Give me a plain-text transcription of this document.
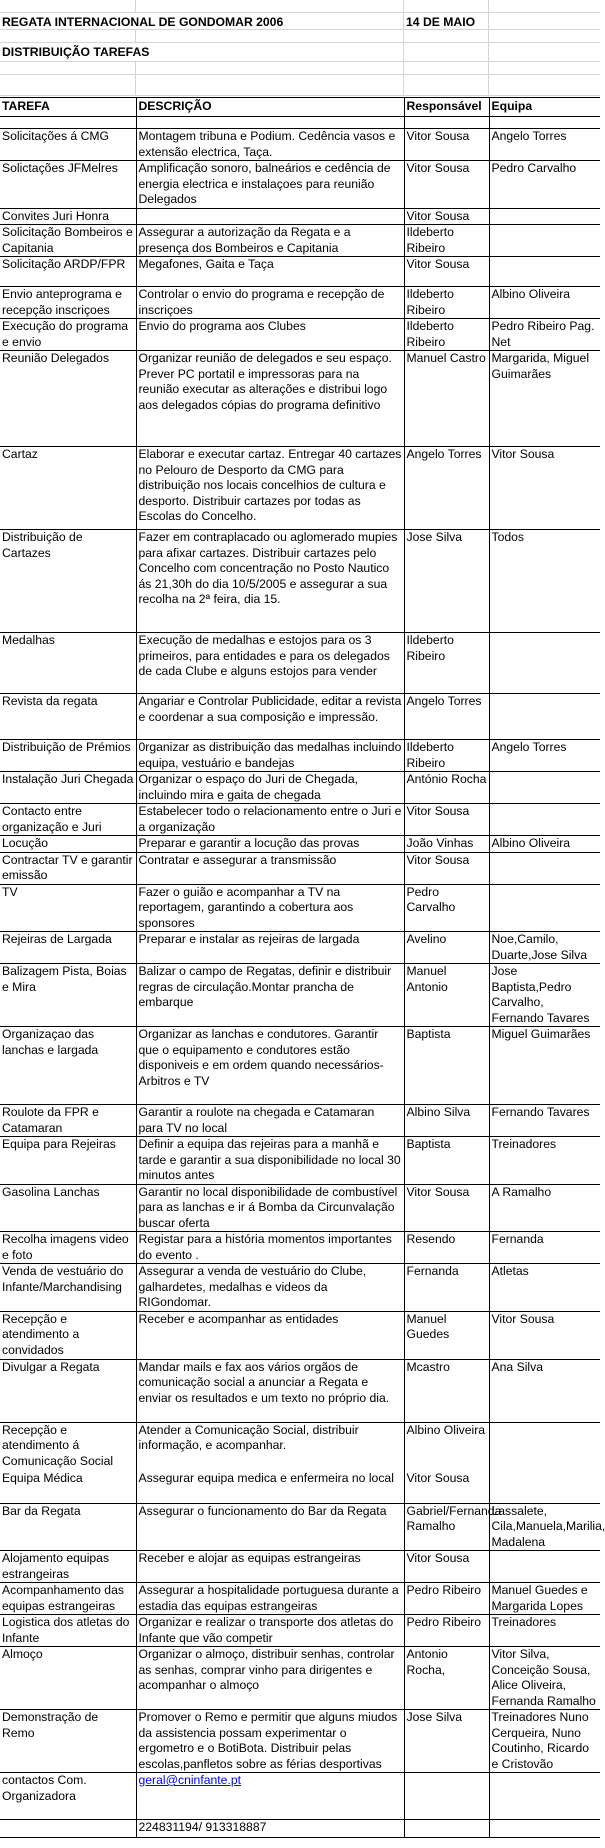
REGATA INTERNACIONAL DE GONDOMAR 2006	14 DE MAIO
DISTRIBUIÇÃO TAREFAS
TAREFA	DESCRIÇÃO	Responsável	Equipa

Solicitações á CMG	Montagem tribuna e Podium. Cedência vasos e extensão electrica, Taça.	Vitor Sousa	Angelo Torres
Solictações JFMelres	Amplificação sonoro, balneários e cedência de energia electrica e instalaçoes para reunião Delegados	Vitor Sousa	Pedro Carvalho
Convites Juri Honra		Vitor Sousa	
Solicitação Bombeiros e Capitania	Assegurar a autorização da Regata e a presença dos Bombeiros e Capitania	Ildeberto Ribeiro	
Solicitação ARDP/FPR	Megafones, Gaita e Taça	Vitor Sousa	
Envio anteprograma e recepção inscriçoes	Controlar o envio do programa e recepção de inscriçoes	Ildeberto Ribeiro	Albino Oliveira
Execução do programa e envio	Envio do programa aos Clubes	Ildeberto Ribeiro	Pedro Ribeiro Pag. Net
Reunião Delegados	Organizar reunião de delegados e seu espaço. Prever PC portatil e impressoras para na reunião executar as alterações e distribui logo aos delegados cópias do programa definitivo	Manuel Castro	Margarida, Miguel Guimarães
Cartaz	Elaborar e executar cartaz. Entregar 40 cartazes no Pelouro de Desporto da CMG para distribuição nos locais concelhios de cultura e desporto. Distribuir cartazes por todas as Escolas do Concelho.	Angelo Torres	Vitor Sousa
Distribuição de Cartazes	Fazer em contraplacado ou aglomerado mupies para afixar cartazes. Distribuir cartazes pelo Concelho com concentração no Posto Nautico ás 21,30h do dia 10/5/2005 e assegurar a sua recolha na 2ª feira, dia 15.	Jose Silva	Todos
Medalhas	Execução de medalhas e estojos para os 3 primeiros, para entidades e para os delegados de cada Clube e alguns estojos para vender	Ildeberto Ribeiro	
Revista da regata	Angariar e Controlar Publicidade, editar a revista e coordenar a sua composição e impressão.	Angelo Torres	
Distribuição de Prémios	0rganizar as distribuição das medalhas incluindo equipa, vestuário e bandejas	Ildeberto Ribeiro	Angelo Torres
Instalação Juri Chegada	Organizar o espaço do Juri de Chegada, incluindo mira e gaita de chegada	António Rocha	
Contacto entre organização e Juri	Estabelecer todo o relacionamento entre o Juri e a organização	Vitor Sousa	
Locução	Preparar e garantir a locução das provas	João Vinhas	Albino Oliveira
Contractar TV e garantir emissão	Contratar e assegurar a transmissão	Vitor Sousa	
TV	Fazer o guião e acompanhar a TV na reportagem, garantindo a cobertura aos sponsores	Pedro Carvalho	
Rejeiras de Largada	Preparar e instalar as rejeiras de largada	Avelino	Noe,Camilo, Duarte,Jose Silva
Balizagem Pista, Boias e Mira	Balizar o campo de Regatas, definir e distribuir regras de circulação.Montar prancha de embarque	Manuel Antonio	Jose Baptista,Pedro Carvalho, Fernando Tavares
Organizaçao das lanchas e largada	Organizar as lanchas e condutores. Garantir que o equipamento e condutores estão disponiveis e em ordem quando necessários-Arbitros e TV	Baptista	Miguel Guimarães
Roulote da FPR e Catamaran	Garantir a roulote na chegada e Catamaran para TV no local	Albino Silva	Fernando Tavares
Equipa para Rejeiras	Definir a equipa das rejeiras para a manhã e tarde e garantir a sua disponibilidade no local 30 minutos antes	Baptista	Treinadores
Gasolina Lanchas	Garantir no local disponibilidade de combustível para as lanchas e ir á Bomba da Circunvalação buscar oferta	Vitor Sousa	A Ramalho
Recolha imagens video e foto	Registar para a história momentos importantes do evento .	Resendo	Fernanda
Venda de vestuário do Infante/Marchandising	Assegurar a venda de vestuário do Clube, galhardetes, medalhas e videos da RIGondomar.	Fernanda	Atletas
Recepção e atendimento a convidados	Receber e acompanhar as entidades	Manuel Guedes	Vitor Sousa
Divulgar a Regata	Mandar mails e fax aos vários orgãos de comunicação social a anunciar a Regata e enviar os resultados e um texto no próprio dia.	Mcastro	Ana Silva
Recepção e atendimento á Comunicação Social	Atender a Comunicação Social, distribuir informação, e acompanhar.	Albino Oliveira	
Equipa Médica	Assegurar equipa medica e enfermeira no local	Vitor Sousa	
Bar da Regata	Assegurar o funcionamento do Bar da Regata	Gabriel/Fernanda Ramalho	Lassalete, Cila,Manuela,Marilia, Madalena
Alojamento equipas estrangeiras	Receber e alojar as equipas estrangeiras	Vitor Sousa	
Acompanhamento das equipas estrangeiras	Assegurar a hospitalidade portuguesa durante a estadia das equipas estrangeiras	Pedro Ribeiro	Manuel Guedes e Margarida Lopes
Logistica dos atletas do Infante	Organizar e realizar o transporte dos atletas do Infante que vão competir	Pedro Ribeiro	Treinadores
Almoço	Organizar o almoço, distribuir senhas, controlar as senhas, comprar vinho para dirigentes e acompanhar o almoço	Antonio Rocha,	Vitor Silva, Conceição Sousa, Alice Oliveira, Fernanda Ramalho
Demonstração de Remo	Promover o Remo e permitir que alguns miudos da assistencia possam experimentar o ergometro e o BotiBota. Distribuir pelas escolas,panfletos sobre as férias desportivas	Jose Silva	Treinadores Nuno Cerqueira, Nuno Coutinho, Ricardo e Cristovão
contactos Com. Organizadora	geral@cninfante.pt		
	224831194/ 913318887		
